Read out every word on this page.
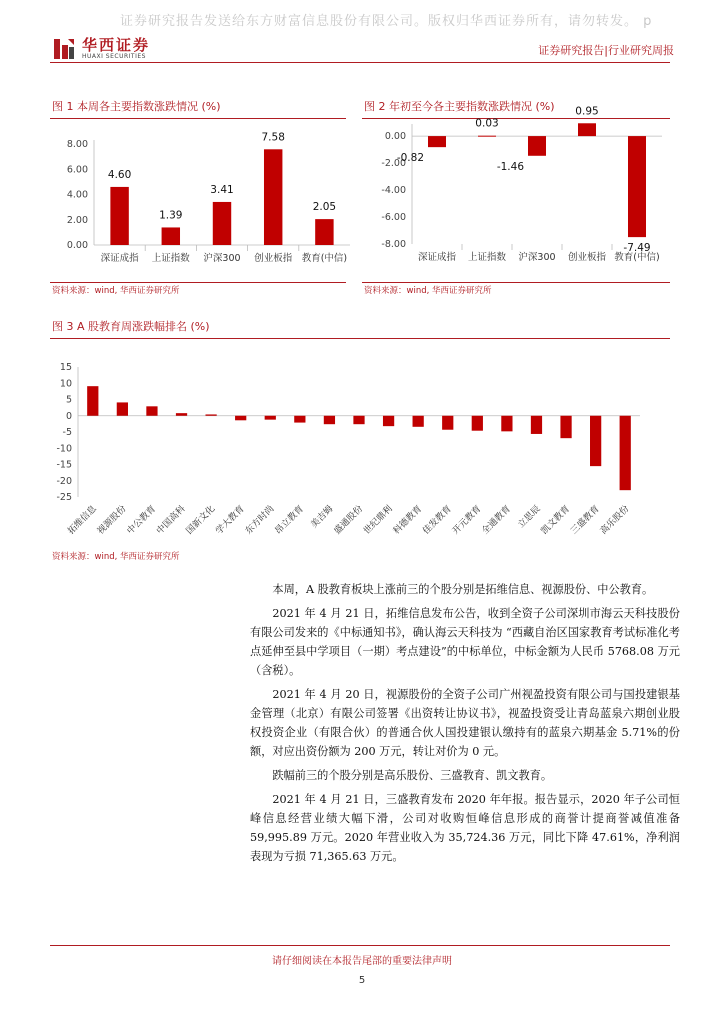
证券研究报告发送给东方财富信息股份有限公司。版权归华西证券所有，请勿转发。 p
华西证券
HUAXI SECURITIES	证券研究报告|行业研究周报
图 1 本周各主要指数涨跌情况 (%)	图 2 年初至今各主要指数涨跌情况 (%)
0.00
2.00
4.00
6.00
8.00
4.60
深证成指
1.39
上证指数
3.41
沪深300
7.58
创业板指
2.05
教育(中信)
0.00
-2.00
-4.00
-6.00
-8.00
-0.82
深证成指
0.03
上证指数
-1.46
沪深300
0.95
创业板指
-7.49
教育(中信)
资料来源：wind, 华西证券研究所	资料来源：wind, 华西证券研究所
图 3 A 股教育周涨跌幅排名 (%)
15
10
5
0
-5
-10
-15
-20
-25
拓维信息
视源股份
中公教育
中国高科
国新文化
学大教育
东方时尚
昂立教育 美吉姆
盛通股份
世纪鼎利
科德教育
佳发教育
开元教育
全通教育 立思辰
凯文教育
三盛教育
高乐股份
资料来源：wind, 华西证券研究所

本周，A 股教育板块上涨前三的个股分别是拓维信息、视源股份、中公教育。

2021 年 4 月 21 日，拓维信息发布公告，收到全资子公司深圳市海云天科技股份有限公司发来的《中标通知书》，确认海云天科技为 “西藏自治区国家教育考试标准化考点延伸至县中学项目（一期）考点建设”的中标单位，中标金额为人民币 5768.08 万元（含税）。

2021 年 4 月 20 日，视源股份的全资子公司广州视盈投资有限公司与国投建银基金管理（北京）有限公司签署《出资转让协议书》，视盈投资受让青岛蓝泉六期创业股权投资企业（有限合伙）的普通合伙人国投建银认缴持有的蓝泉六期基金 5.71%的份额，对应出资份额为 200 万元，转让对价为 0 元。

跌幅前三的个股分别是高乐股份、三盛教育、凯文教育。

2021 年 4 月 21 日，三盛教育发布 2020 年年报。报告显示，2020 年子公司恒峰信息经营业绩大幅下滑，公司对收购恒峰信息形成的商誉计提商誉减值准备 59,995.89 万元。2020 年营业收入为 35,724.36 万元，同比下降 47.61%，净利润表现为亏损 71,365.63 万元。

请仔细阅读在本报告尾部的重要法律声明
5
